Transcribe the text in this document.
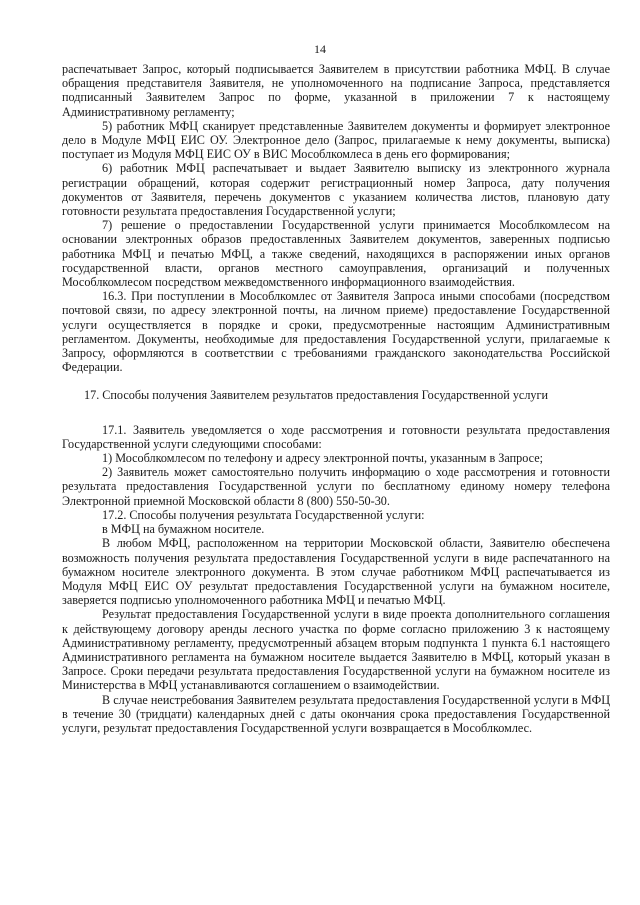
14

распечатывает Запрос, который подписывается Заявителем в присутствии работника МФЦ. В случае обращения представителя Заявителя, не уполномоченного на подписание Запроса, представляется подписанный Заявителем Запрос по форме, указанной в приложении 7 к настоящему Административному регламенту;

5) работник МФЦ сканирует представленные Заявителем документы и формирует электронное дело в Модуле МФЦ ЕИС ОУ. Электронное дело (Запрос, прилагаемые к нему документы, выписка) поступает из Модуля МФЦ ЕИС ОУ в ВИС Мособлкомлеса в день его формирования;

6) работник МФЦ распечатывает и выдает Заявителю выписку из электронного журнала регистрации обращений, которая содержит регистрационный номер Запроса, дату получения документов от Заявителя, перечень документов с указанием количества листов, плановую дату готовности результата предоставления Государственной услуги;

7) решение о предоставлении Государственной услуги принимается Мособлкомлесом на основании электронных образов предоставленных Заявителем документов, заверенных подписью работника МФЦ и печатью МФЦ, а также сведений, находящихся в распоряжении иных органов государственной власти, органов местного самоуправления, организаций и полученных Мособлкомлесом посредством межведомственного информационного взаимодействия.

16.3. При поступлении в Мособлкомлес от Заявителя Запроса иными способами (посредством почтовой связи, по адресу электронной почты, на личном приеме) предоставление Государственной услуги осуществляется в порядке и сроки, предусмотренные настоящим Административным регламентом. Документы, необходимые для предоставления Государственной услуги, прилагаемые к Запросу, оформляются в соответствии с требованиями гражданского законодательства Российской Федерации.

17. Способы получения Заявителем результатов предоставления Государственной услуги

17.1. Заявитель уведомляется о ходе рассмотрения и готовности результата предоставления Государственной услуги следующими способами:

1) Мособлкомлесом по телефону и адресу электронной почты, указанным в Запросе;

2) Заявитель может самостоятельно получить информацию о ходе рассмотрения и готовности результата предоставления Государственной услуги по бесплатному единому номеру телефона Электронной приемной Московской области 8 (800) 550-50-30.

17.2. Способы получения результата Государственной услуги:

в МФЦ на бумажном носителе.

В любом МФЦ, расположенном на территории Московской области, Заявителю обеспечена возможность получения результата предоставления Государственной услуги в виде распечатанного на бумажном носителе электронного документа. В этом случае работником МФЦ распечатывается из Модуля МФЦ ЕИС ОУ результат предоставления Государственной услуги на бумажном носителе, заверяется подписью уполномоченного работника МФЦ и печатью МФЦ.

Результат предоставления Государственной услуги в виде проекта дополнительного соглашения к действующему договору аренды лесного участка по форме согласно приложению 3 к настоящему Административному регламенту, предусмотренный абзацем вторым подпункта 1 пункта 6.1 настоящего Административного регламента на бумажном носителе выдается Заявителю в МФЦ, который указан в Запросе. Сроки передачи результата предоставления Государственной услуги на бумажном носителе из Министерства в МФЦ устанавливаются соглашением о взаимодействии.

В случае неистребования Заявителем результата предоставления Государственной услуги в МФЦ в течение 30 (тридцати) календарных дней с даты окончания срока предоставления Государственной услуги, результат предоставления Государственной услуги возвращается в Мособлкомлес.
